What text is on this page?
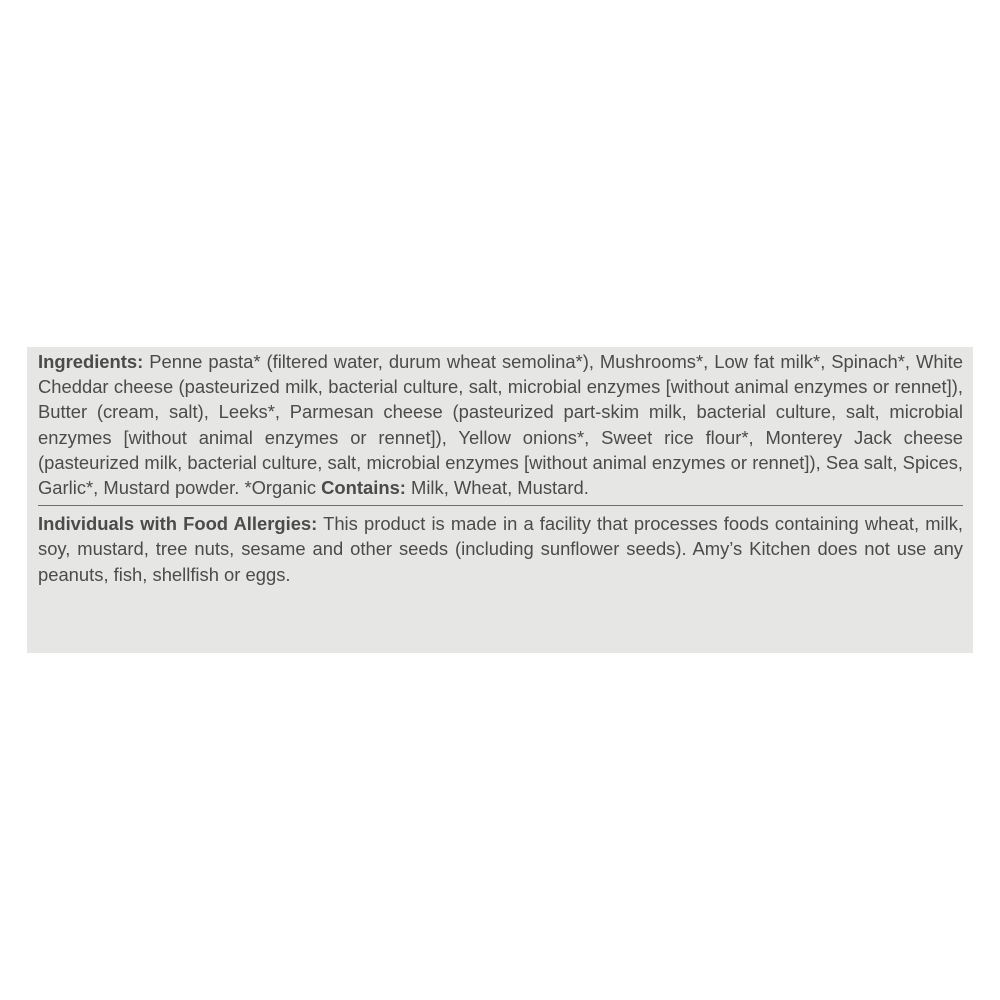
Ingredients: Penne pasta* (filtered water, durum wheat semolina*), Mushrooms*, Low fat milk*, Spinach*, White Cheddar cheese (pasteurized milk, bacterial culture, salt, microbial enzymes [without animal enzymes or rennet]), Butter (cream, salt), Leeks*, Parmesan cheese (pasteurized part-skim milk, bacterial culture, salt, microbial enzymes [without animal enzymes or rennet]), Yellow onions*, Sweet rice flour*, Monterey Jack cheese (pasteurized milk, bacterial culture, salt, microbial enzymes [without animal enzymes or rennet]), Sea salt, Spices, Garlic*, Mustard powder. *Organic Contains: Milk, Wheat, Mustard.

Individuals with Food Allergies: This product is made in a facility that processes foods containing wheat, milk, soy, mustard, tree nuts, sesame and other seeds (including sunflower seeds). Amy’s Kitchen does not use any peanuts, fish, shellfish or eggs.
